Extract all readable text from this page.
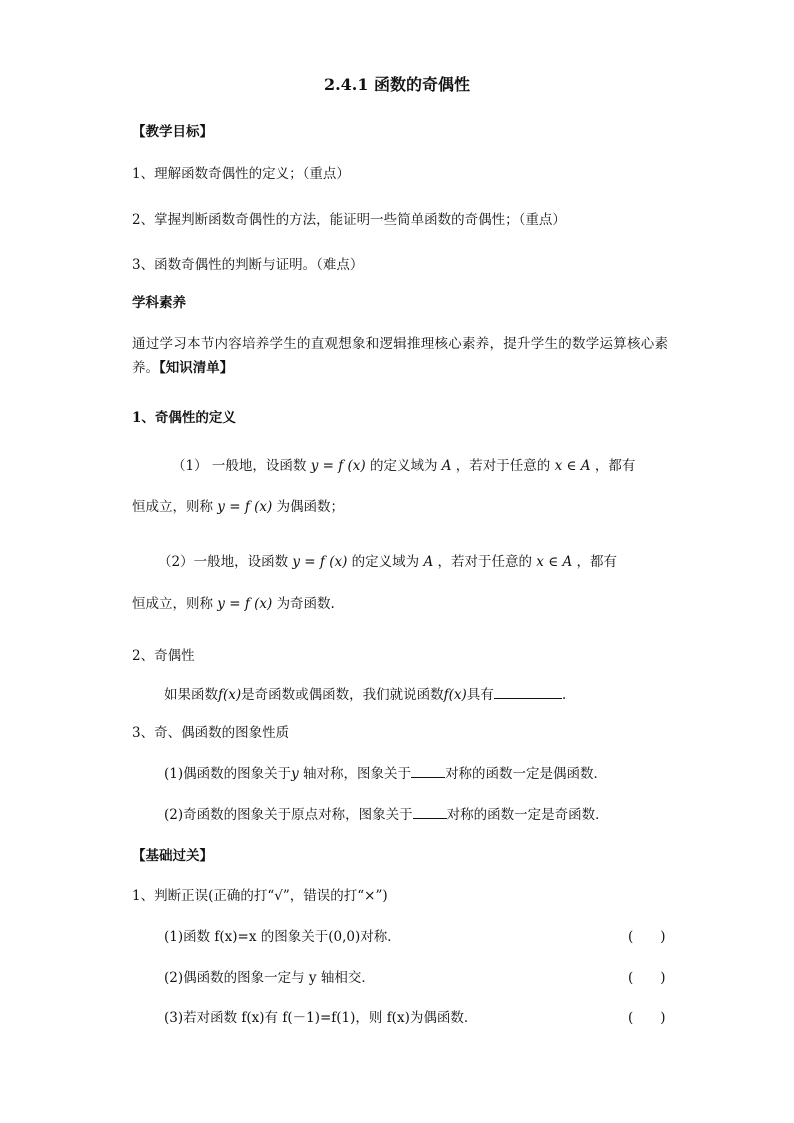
2.4.1 函数的奇偶性
【教学目标】
1、理解函数奇偶性的定义；（重点）
2、掌握判断函数奇偶性的方法，能证明一些简单函数的奇偶性；（重点）
3、函数奇偶性的判断与证明。（难点）
学科素养
通过学习本节内容培养学生的直观想象和逻辑推理核心素养，提升学生的数学运算核心素养。【知识清单】
1、奇偶性的定义
（1） 一般地，设函数 y = f (x) 的定义域为 A ，若对于任意的 x ∈ A ，都有
恒成立，则称 y = f (x) 为偶函数；
（2）一般地，设函数 y = f (x) 的定义域为 A ，若对于任意的 x ∈ A ，都有
恒成立，则称 y = f (x) 为奇函数.
2、奇偶性
如果函数f(x)是奇函数或偶函数，我们就说函数f(x)具有	.
3、奇、偶函数的图象性质
(1)偶函数的图象关于y 轴对称，图象关于	对称的函数一定是偶函数．
(2)奇函数的图象关于原点对称，图象关于	对称的函数一定是奇函数．
【基础过关】
1、判断正误(正确的打“√”，错误的打“×”)
(1)函数 f(x)=x 的图象关于(0,0)对称．	(　　)
(2)偶函数的图象一定与 y 轴相交．	(　　)
(3)若对函数 f(x)有 f(－1)=f(1)，则 f(x)为偶函数．	(　　)
